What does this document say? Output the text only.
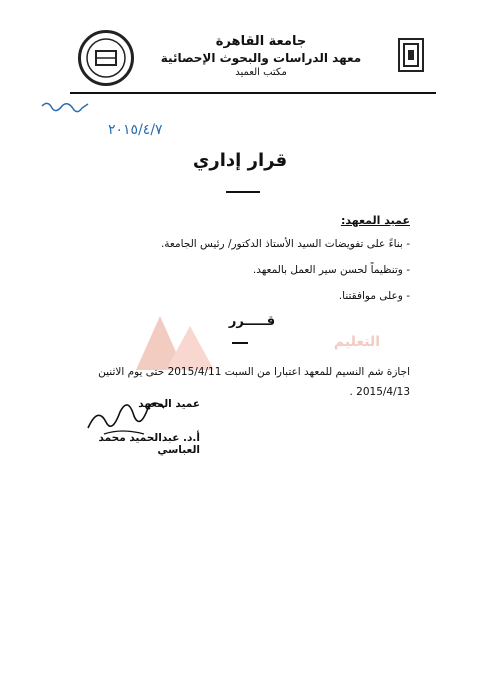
جامعة القاهرة
معهد الدراسات والبحوث الإحصائية
مكتب العميد
٢٠١٥/٤/٧
قرار إداري
عميد المعهد:
- بناءً على تفويضات السيد الأستاذ الدكتور/ رئيس الجامعة.
- وتنظيماً لحسن سير العمل بالمعهد.
- وعلى موافقتنا.
التعليم
قـــــرر
اجازة شم النسيم للمعهد اعتبارا من السبت 2015/4/11 حتى يوم الاثنين 2015/4/13 .
عميد المعهد
أ.د. عبدالحميد محمد العباسي
